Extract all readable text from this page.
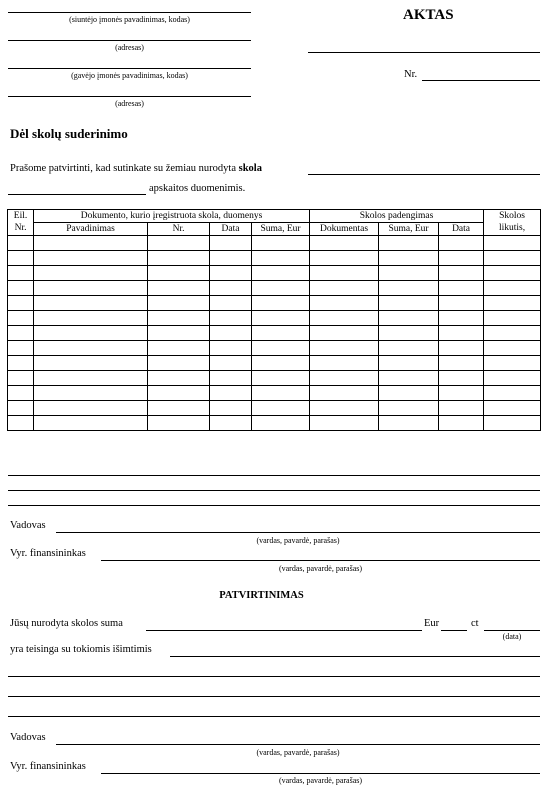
(siuntėjo įmonės pavadinimas, kodas)
(adresas)
(gavėjo įmonės pavadinimas, kodas)
(adresas)
AKTAS
Nr.
Dėl skolų suderinimo
Prašome patvirtinti, kad sutinkate su žemiau nurodyta skola
apskaitos duomenimis.
Eil.	Dokumento, kurio įregistruota skola, duomenys				Skolos padengimas			Skolos
Nr.	Pavadinimas	Nr.	Data	Suma, Eur	Dokumentas	Suma, Eur	Data	likutis,

Vadovas
(vardas, pavardė, parašas)
Vyr. finansininkas
(vardas, pavardė, parašas)
PATVIRTINIMAS
Jūsų nurodyta skolos suma	Eur	ct
(data)
yra teisinga su tokiomis išimtimis
Vadovas
(vardas, pavardė, parašas)
Vyr. finansininkas
(vardas, pavardė, parašas)
